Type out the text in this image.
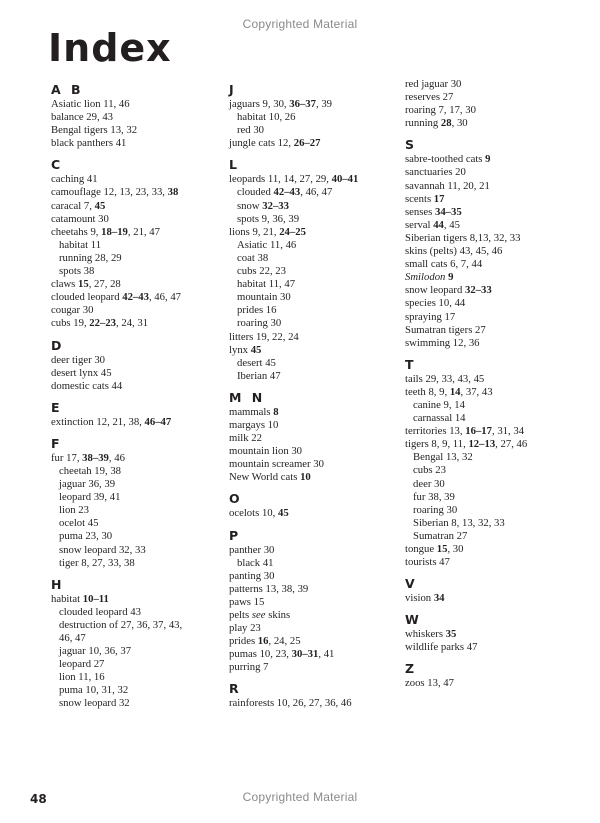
Copyrighted Material
Index
A B
Asiatic lion 11, 46
balance 29, 43
Bengal tigers 13, 32
black panthers 41
C
caching 41
camouflage 12, 13, 23, 33, 38
caracal 7, 45
catamount 30
cheetahs 9, 18–19, 21, 47
habitat 11
running 28, 29
spots 38
claws 15, 27, 28
clouded leopard 42–43, 46, 47
cougar 30
cubs 19, 22–23, 24, 31
D
deer tiger 30
desert lynx 45
domestic cats 44
E
extinction 12, 21, 38, 46–47
F
fur 17, 38–39, 46
cheetah 19, 38
jaguar 36, 39
leopard 39, 41
lion 23
ocelot 45
puma 23, 30
snow leopard 32, 33
tiger 8, 27, 33, 38
H
habitat 10–11
clouded leopard 43
destruction of 27, 36, 37, 43,
46, 47
jaguar 10, 36, 37
leopard 27
lion 11, 16
puma 10, 31, 32
snow leopard 32
J
jaguars 9, 30, 36–37, 39
habitat 10, 26
red 30
jungle cats 12, 26–27
L
leopards 11, 14, 27, 29, 40–41
clouded 42–43, 46, 47
snow 32–33
spots 9, 36, 39
lions 9, 21, 24–25
Asiatic 11, 46
coat 38
cubs 22, 23
habitat 11, 47
mountain 30
prides 16
roaring 30
litters 19, 22, 24
lynx 45
desert 45
Iberian 47
M N
mammals 8
margays 10
milk 22
mountain lion 30
mountain screamer 30
New World cats 10
O
ocelots 10, 45
P
panther 30
black 41
panting 30
patterns 13, 38, 39
paws 15
pelts see skins
play 23
prides 16, 24, 25
pumas 10, 23, 30–31, 41
purring 7
R
rainforests 10, 26, 27, 36, 46
red jaguar 30
reserves 27
roaring 7, 17, 30
running 28, 30
S
sabre-toothed cats 9
sanctuaries 20
savannah 11, 20, 21
scents 17
senses 34–35
serval 44, 45
Siberian tigers 8,13, 32, 33
skins (pelts) 43, 45, 46
small cats 6, 7, 44
Smilodon 9
snow leopard 32–33
species 10, 44
spraying 17
Sumatran tigers 27
swimming 12, 36
T
tails 29, 33, 43, 45
teeth 8, 9, 14, 37, 43
canine 9, 14
carnassal 14
territories 13, 16–17, 31, 34
tigers 8, 9, 11, 12–13, 27, 46
Bengal 13, 32
cubs 23
deer 30
fur 38, 39
roaring 30
Siberian 8, 13, 32, 33
Sumatran 27
tongue 15, 30
tourists 47
V
vision 34
W
whiskers 35
wildlife parks 47
Z
zoos 13, 47
48	Copyrighted Material
